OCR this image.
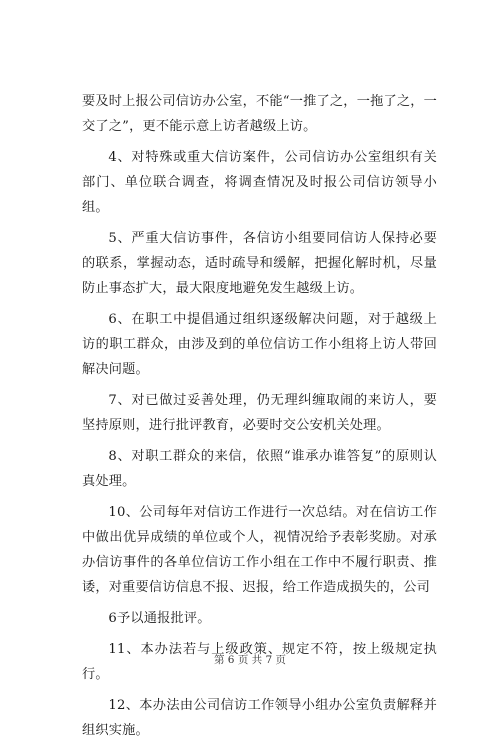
要及时上报公司信访办公室，不能“一推了之，一拖了之，一交了之”，更不能示意上访者越级上访。

4、对特殊或重大信访案件，公司信访办公室组织有关部门、单位联合调查，将调查情况及时报公司信访领导小组。

5、严重大信访事件，各信访小组要同信访人保持必要的联系，掌握动态，适时疏导和缓解，把握化解时机，尽量防止事态扩大，最大限度地避免发生越级上访。

6、在职工中提倡通过组织逐级解决问题，对于越级上访的职工群众，由涉及到的单位信访工作小组将上访人带回解决问题。

7、对已做过妥善处理，仍无理纠缠取闹的来访人，要坚持原则，进行批评教育，必要时交公安机关处理。

8、对职工群众的来信，依照“谁承办谁答复”的原则认真处理。

10、公司每年对信访工作进行一次总结。对在信访工作中做出优异成绩的单位或个人，视情况给予表彰奖励。对承办信访事件的各单位信访工作小组在工作中不履行职责、推诿，对重要信访信息不报、迟报，给工作造成损失的，公司

6予以通报批评。

11、本办法若与上级政策、规定不符，按上级规定执行。

12、本办法由公司信访工作领导小组办公室负责解释并组织实施。

第 6 页 共 7 页
